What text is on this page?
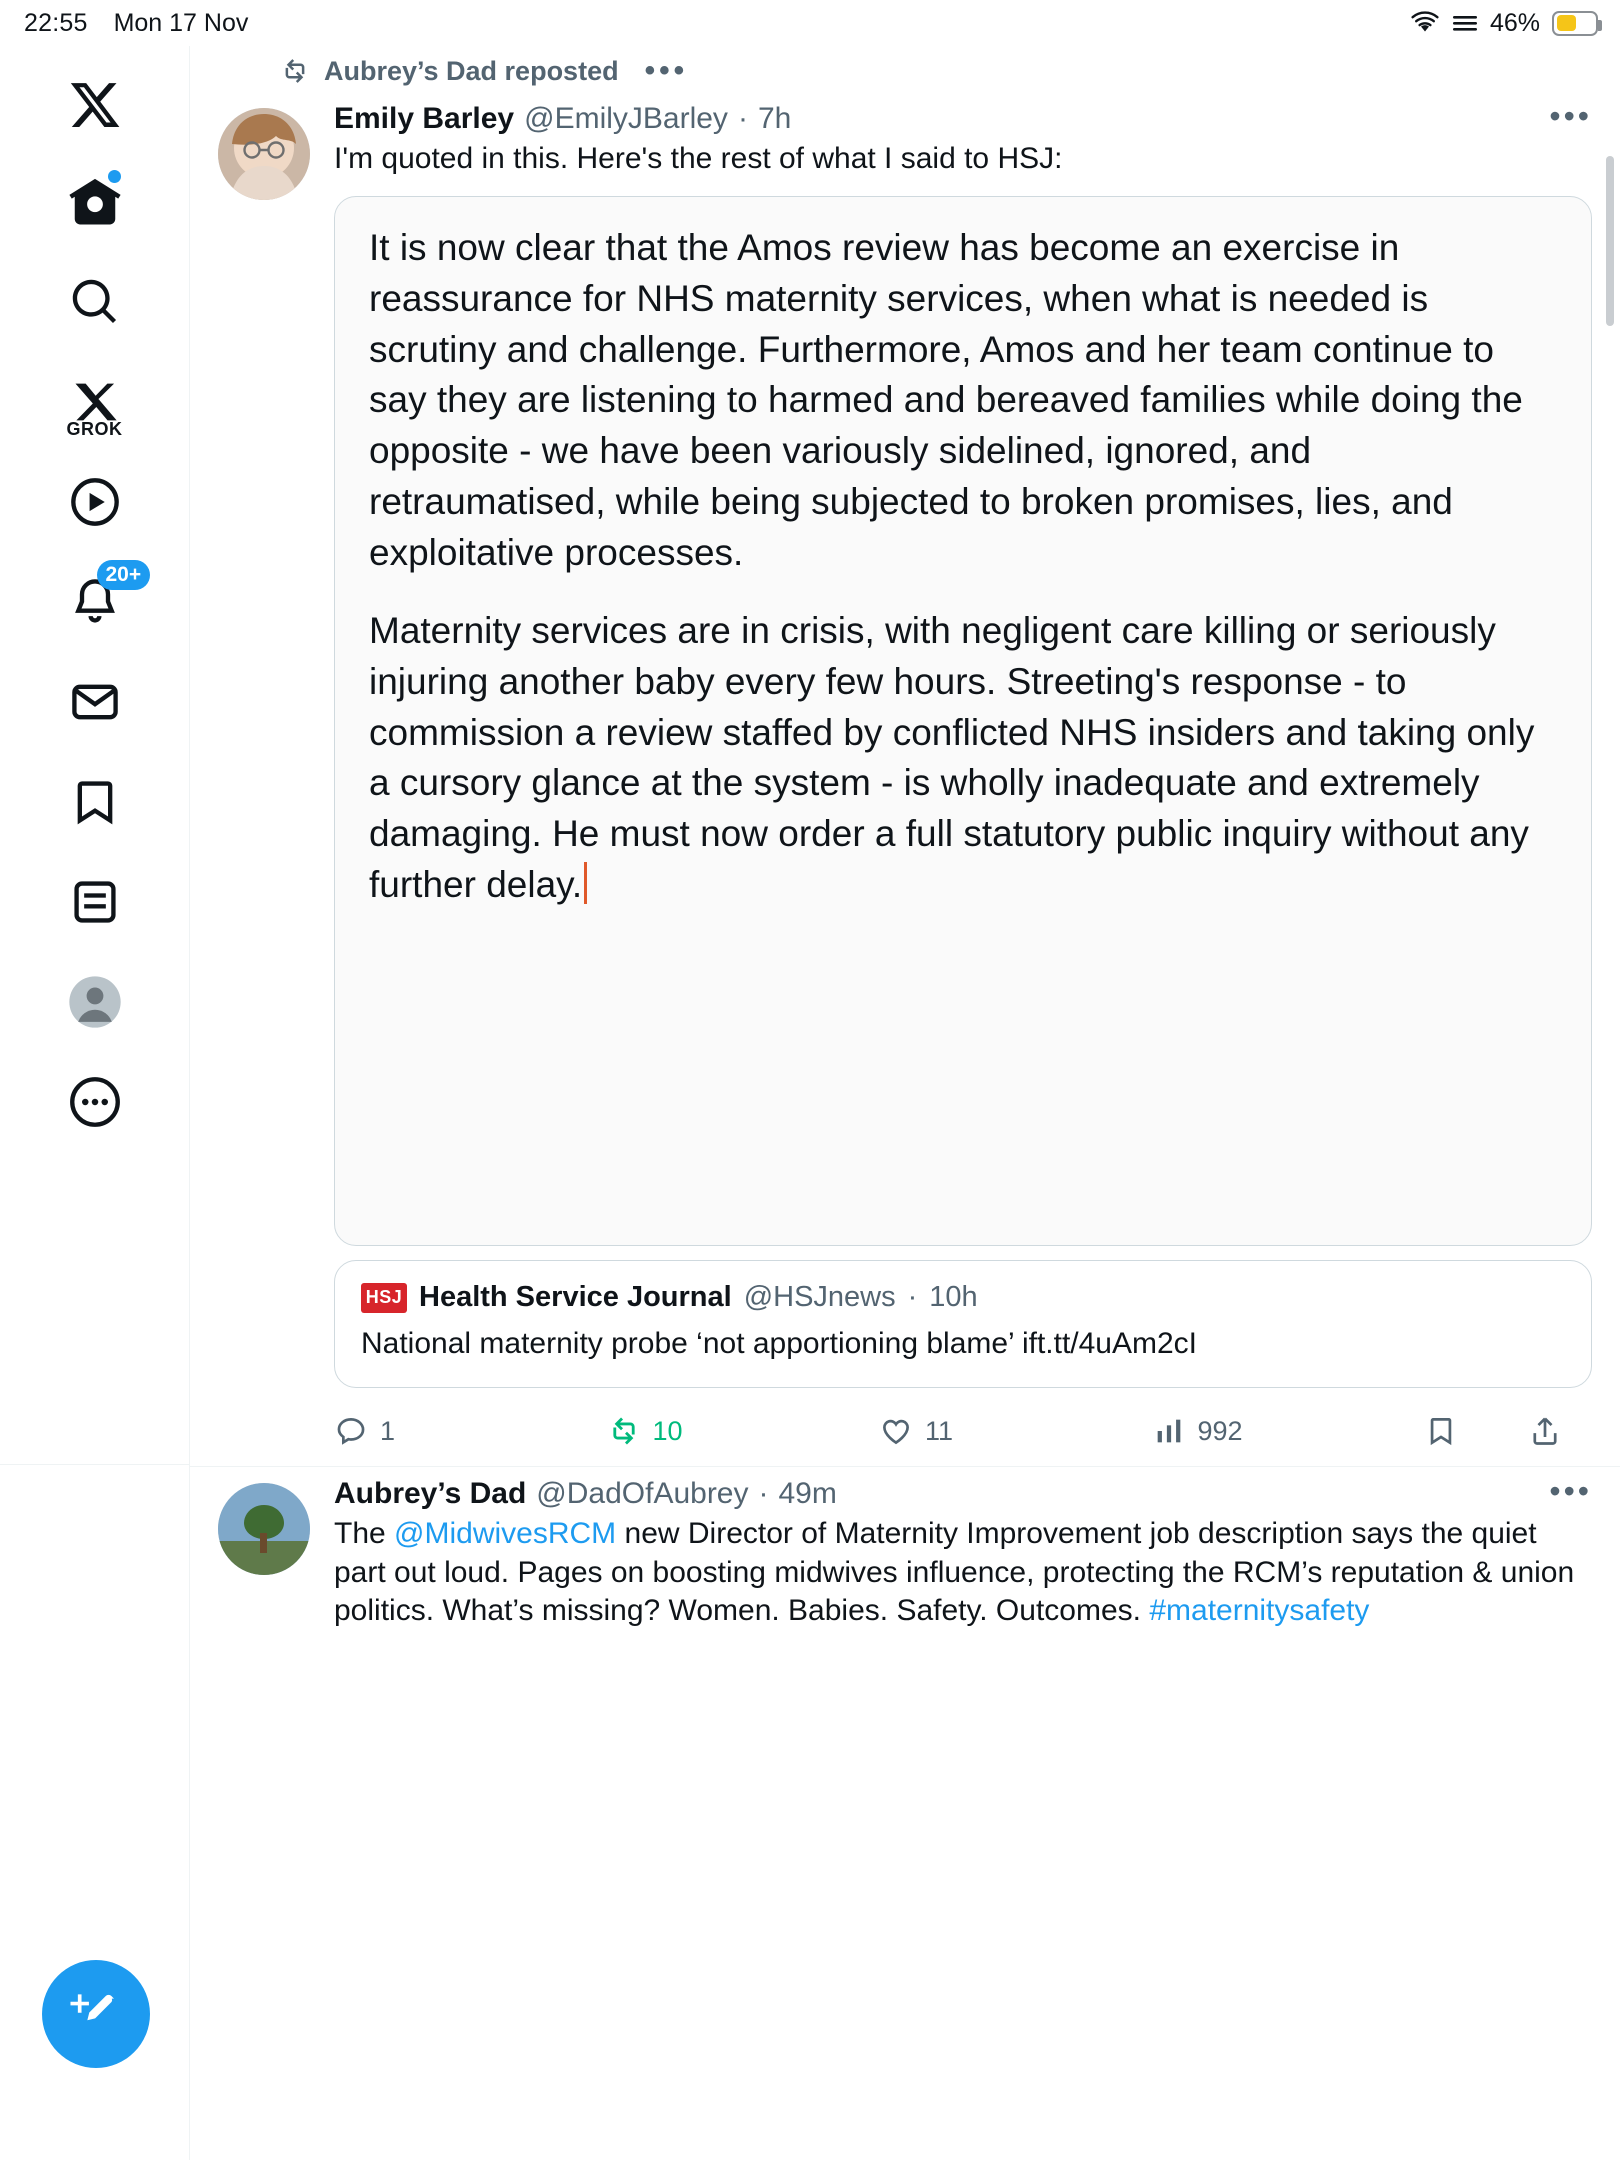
22:55 Mon 17 Nov	46%
GROK
20+
Aubrey’s Dad reposted •••
Emily Barley @EmilyJBarley · 7h	•••
I'm quoted in this. Here's the rest of what I said to HSJ:

It is now clear that the Amos review has become an exercise in reassurance for NHS maternity services, when what is needed is scrutiny and challenge. Furthermore, Amos and her team continue to say they are listening to harmed and bereaved families while doing the opposite - we have been variously sidelined, ignored, and retraumatised, while being subjected to broken promises, lies, and exploitative processes.

Maternity services are in crisis, with negligent care killing or seriously injuring another baby every few hours. Streeting's response - to commission a review staffed by conflicted NHS insiders and taking only a cursory glance at the system - is wholly inadequate and extremely damaging. He must now order a full statutory public inquiry without any further delay.

HSJ Health Service Journal @HSJnews · 10h
National maternity probe ‘not apportioning blame’ ift.tt/4uAm2cI
1	10	11	992
Aubrey’s Dad @DadOfAubrey · 49m	•••
The @MidwivesRCM new Director of Maternity Improvement job description says the quiet part out loud. Pages on boosting midwives influence, protecting the RCM’s reputation & union politics. What’s missing? Women. Babies. Safety. Outcomes. #maternitysafety
